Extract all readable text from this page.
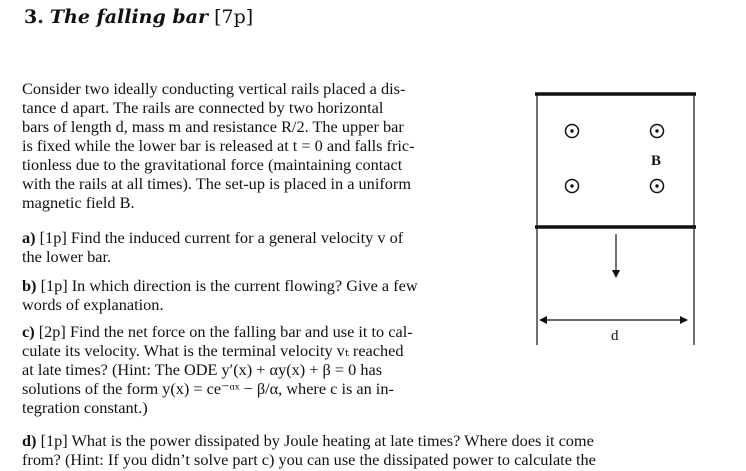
3. The falling bar [7p]
Consider two ideally conducting vertical rails placed a dis-
tance d apart. The rails are connected by two horizontal
bars of length d, mass m and resistance R/2. The upper bar
is fixed while the lower bar is released at t = 0 and falls fric-
tionless due to the gravitational force (maintaining contact
with the rails at all times). The set-up is placed in a uniform
magnetic field B.
a) [1p] Find the induced current for a general velocity v of
the lower bar.
b) [1p] In which direction is the current flowing? Give a few
words of explanation.
c) [2p] Find the net force on the falling bar and use it to cal-
culate its velocity. What is the terminal velocity vₜ reached
at late times? (Hint: The ODE y′(x) + αy(x) + β = 0 has
solutions of the form y(x) = ce⁻ᵅˣ − β/α, where c is an in-
tegration constant.)
d) [1p] What is the power dissipated by Joule heating at late times? Where does it come
from? (Hint: If you didn’t solve part c) you can use the dissipated power to calculate the
B⃗
d
